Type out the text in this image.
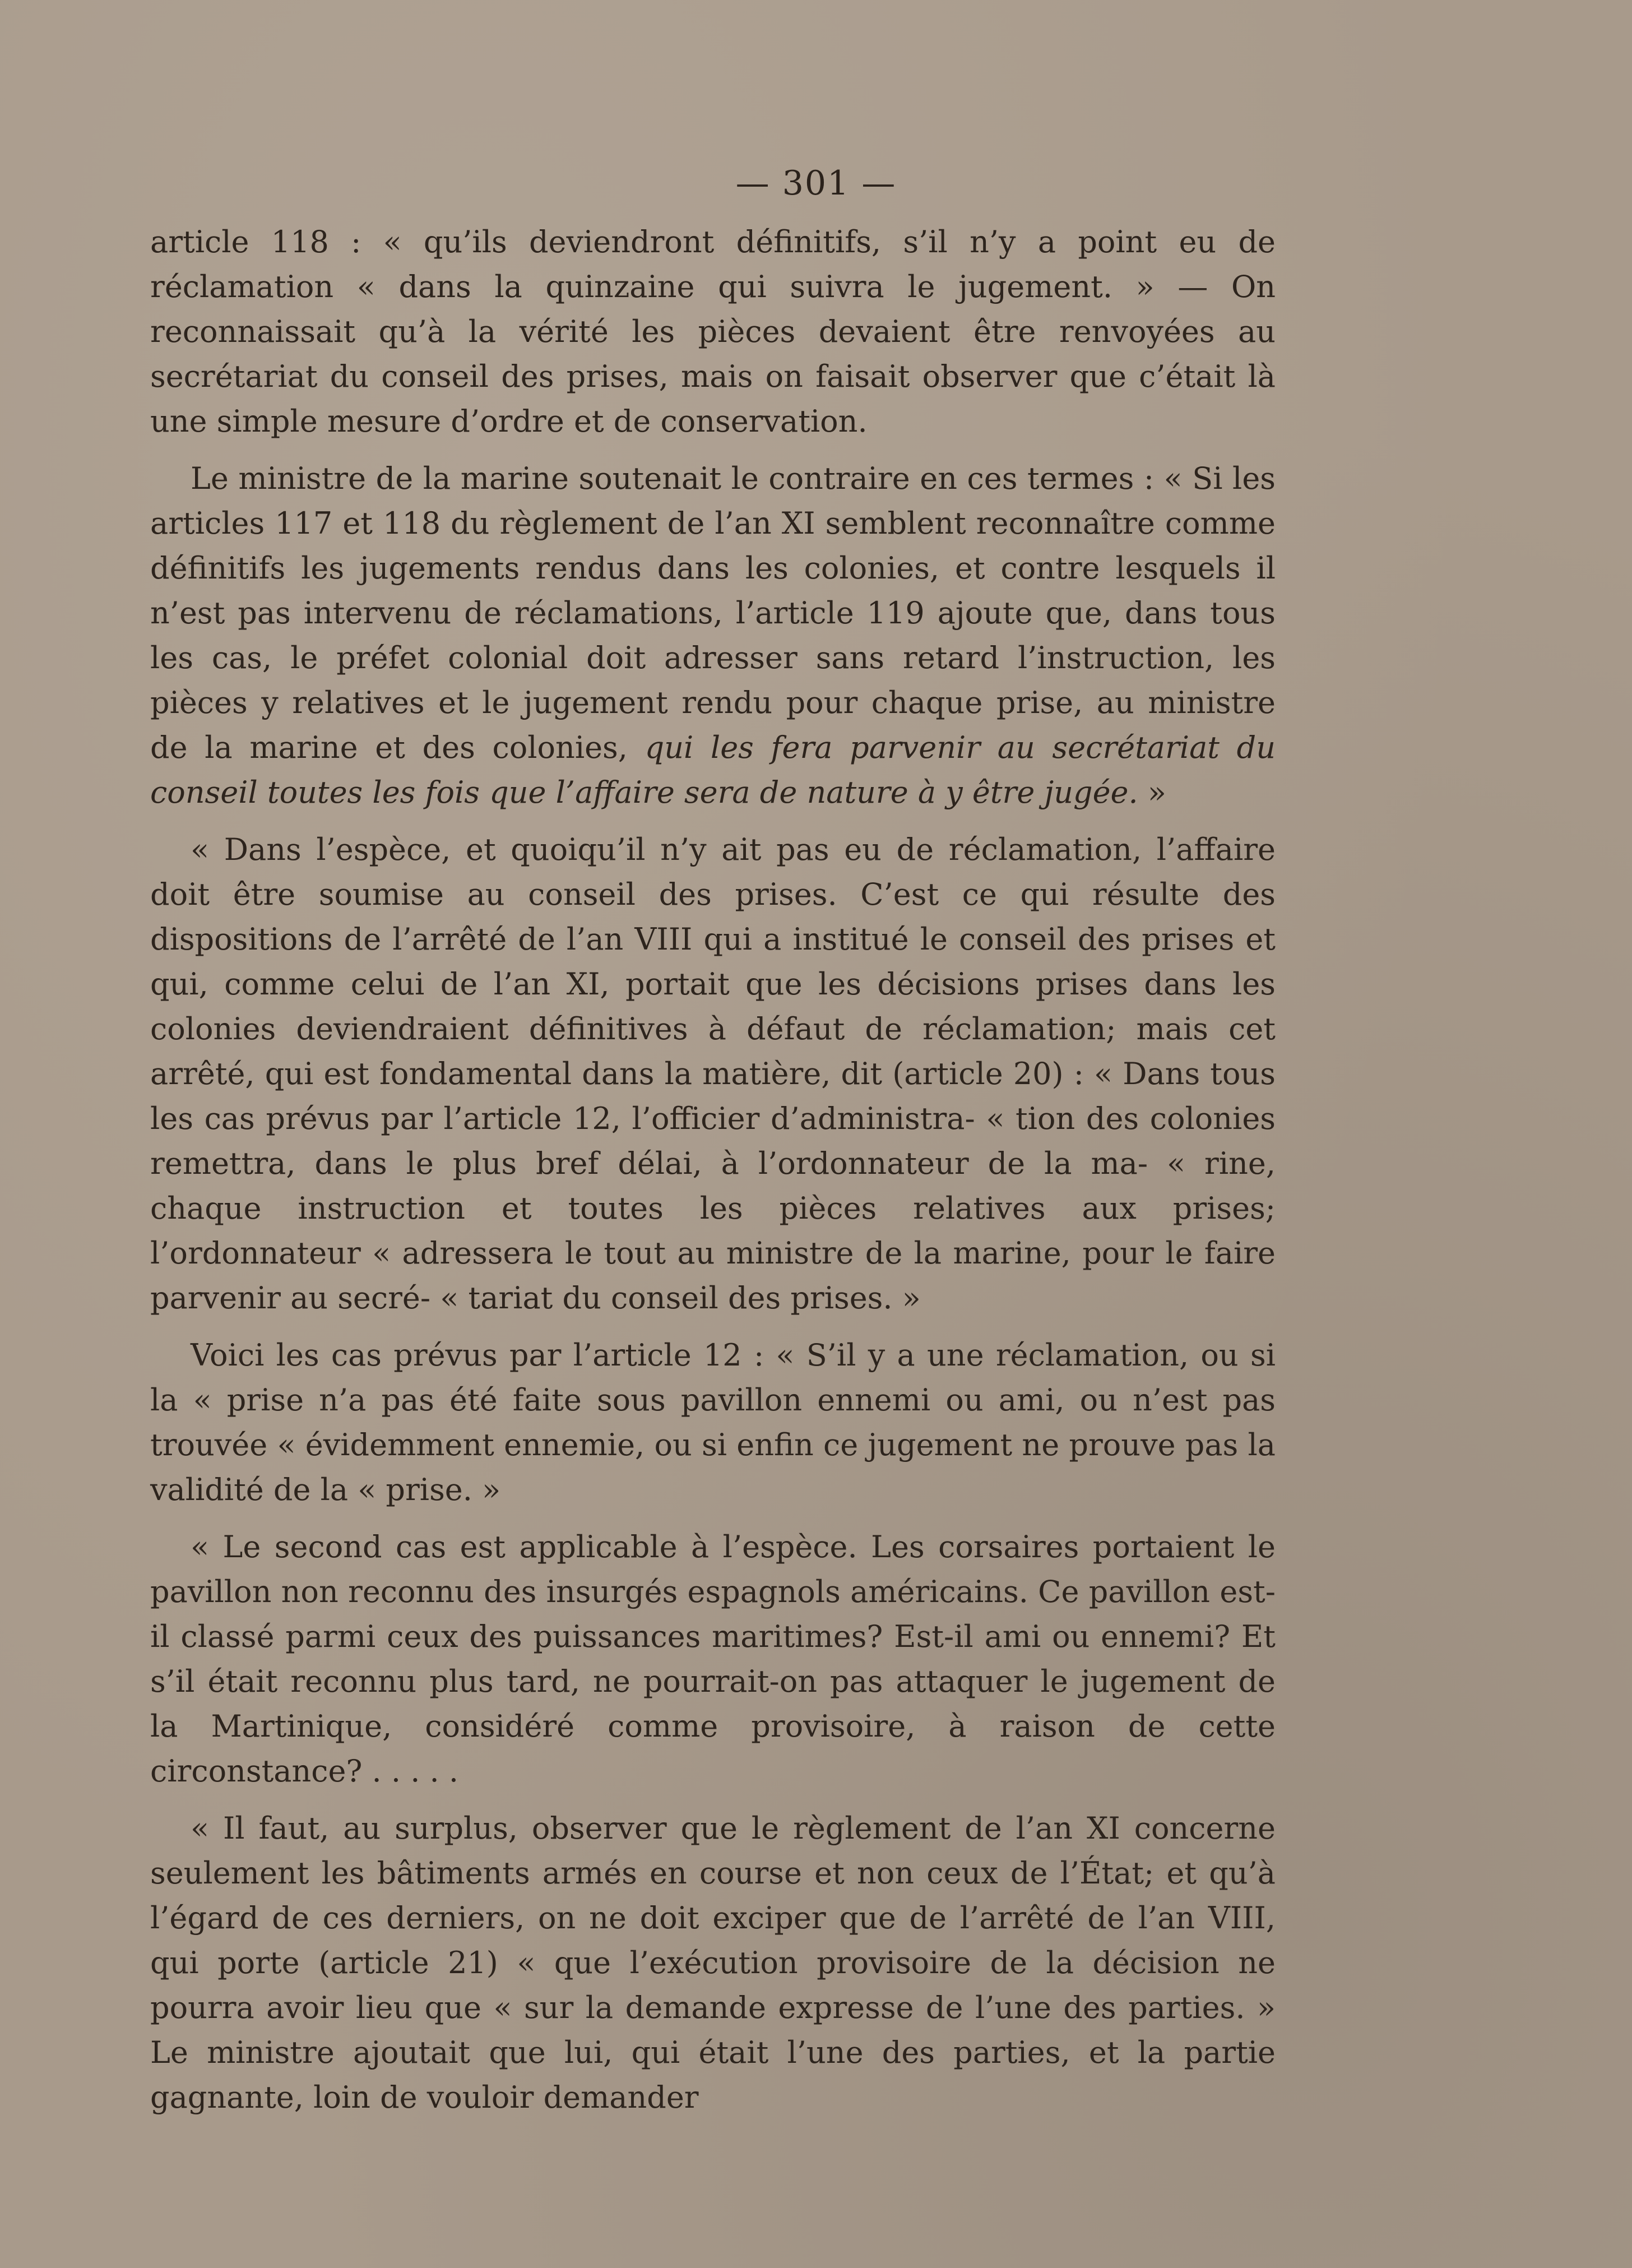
— 301 —

article 118 : « qu’ils deviendront définitifs, s’il n’y a point eu de réclamation « dans la quinzaine qui suivra le jugement. » — On reconnaissait qu’à la vérité les pièces devaient être renvoyées au secrétariat du conseil des prises, mais on faisait observer que c’était là une simple mesure d’ordre et de conservation.

Le ministre de la marine soutenait le contraire en ces termes : « Si les articles 117 et 118 du règlement de l’an XI semblent reconnaître comme définitifs les jugements rendus dans les colonies, et contre lesquels il n’est pas intervenu de réclamations, l’article 119 ajoute que, dans tous les cas, le préfet colonial doit adresser sans retard l’instruction, les pièces y relatives et le jugement rendu pour chaque prise, au ministre de la marine et des colonies, qui les fera parvenir au secrétariat du conseil toutes les fois que l’affaire sera de nature à y être jugée. »

« Dans l’espèce, et quoiqu’il n’y ait pas eu de réclamation, l’affaire doit être soumise au conseil des prises. C’est ce qui résulte des dispositions de l’arrêté de l’an VIII qui a institué le conseil des prises et qui, comme celui de l’an XI, portait que les décisions prises dans les colonies deviendraient définitives à défaut de réclamation; mais cet arrêté, qui est fondamental dans la matière, dit (article 20) : « Dans tous les cas prévus par l’article 12, l’officier d’administra- « tion des colonies remettra, dans le plus bref délai, à l’ordonnateur de la ma- « rine, chaque instruction et toutes les pièces relatives aux prises; l’ordonnateur « adressera le tout au ministre de la marine, pour le faire parvenir au secré- « tariat du conseil des prises. »

Voici les cas prévus par l’article 12 : « S’il y a une réclamation, ou si la « prise n’a pas été faite sous pavillon ennemi ou ami, ou n’est pas trouvée « évidemment ennemie, ou si enfin ce jugement ne prouve pas la validité de la « prise. »

« Le second cas est applicable à l’espèce. Les corsaires portaient le pavillon non reconnu des insurgés espagnols américains. Ce pavillon est-il classé parmi ceux des puissances maritimes? Est-il ami ou ennemi? Et s’il était reconnu plus tard, ne pourrait-on pas attaquer le jugement de la Martinique, considéré comme provisoire, à raison de cette circonstance? . . . . .

« Il faut, au surplus, observer que le règlement de l’an XI concerne seulement les bâtiments armés en course et non ceux de l’État; et qu’à l’égard de ces derniers, on ne doit exciper que de l’arrêté de l’an VIII, qui porte (article 21) « que l’exécution provisoire de la décision ne pourra avoir lieu que « sur la demande expresse de l’une des parties. » Le ministre ajoutait que lui, qui était l’une des parties, et la partie gagnante, loin de vouloir demander
